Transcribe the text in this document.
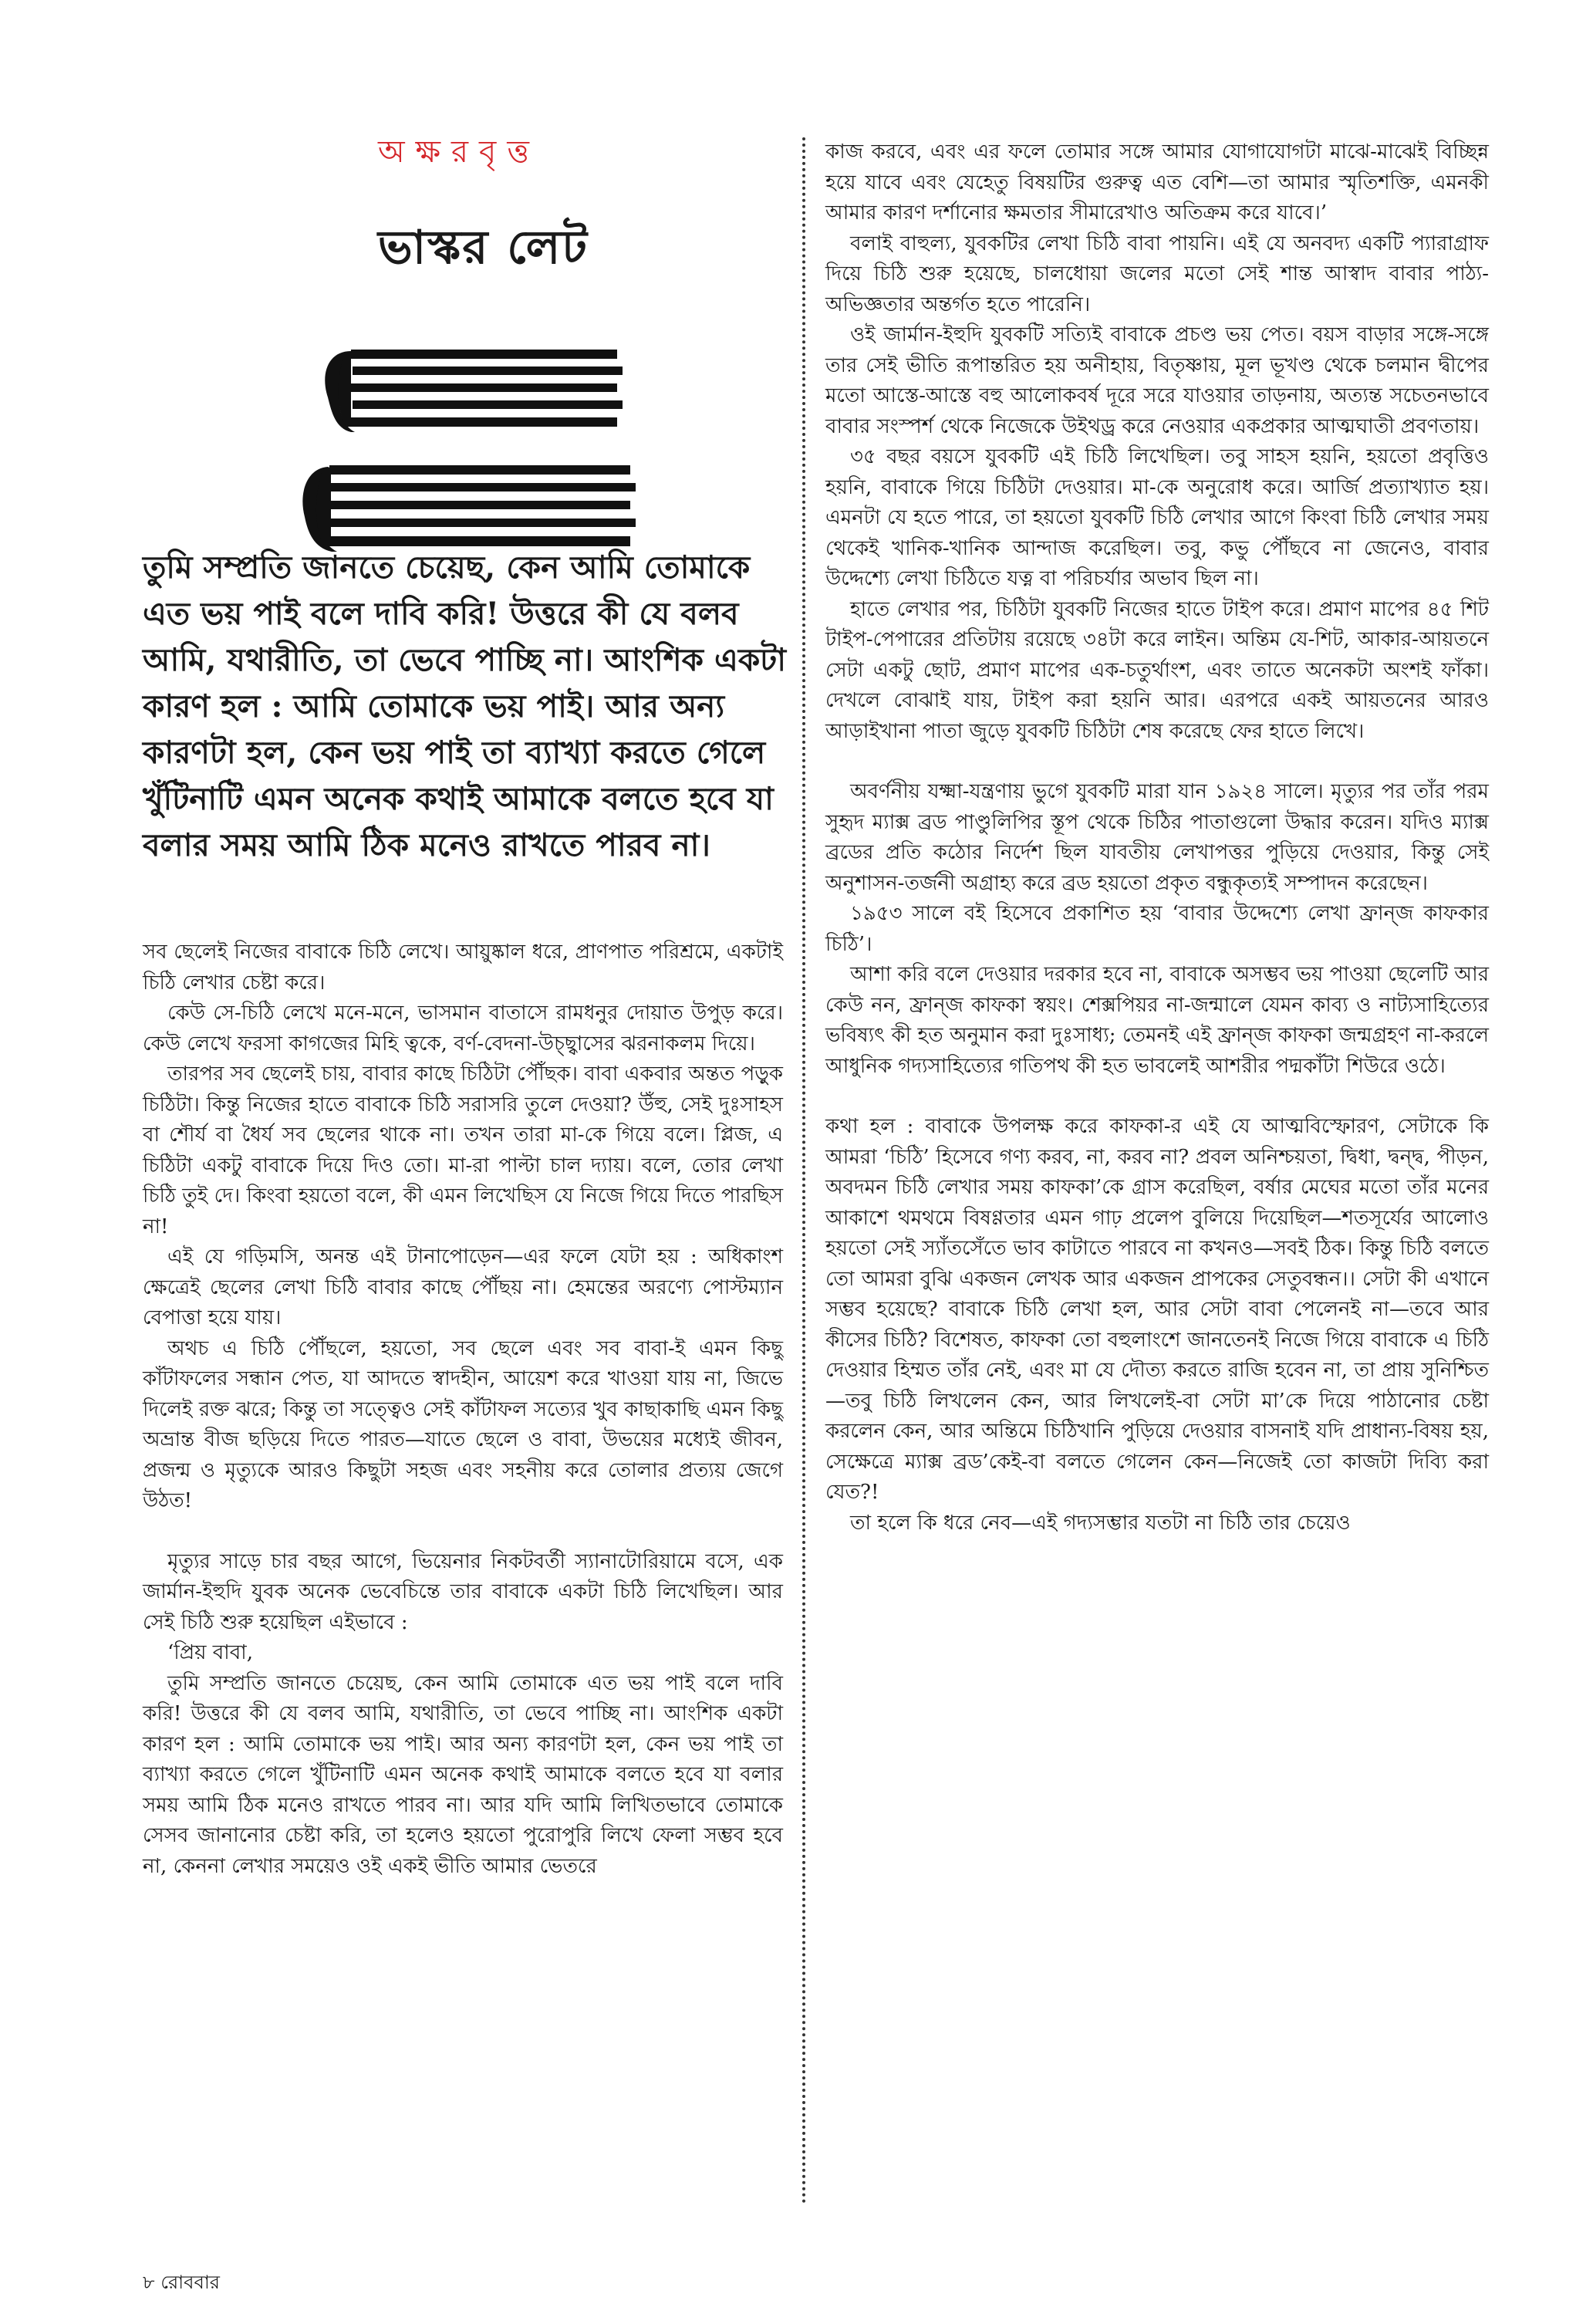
অক্ষরবৃত্ত
ভাস্কর লেট

তুমি সম্প্রতি জানতে চেয়েছ, কেন আমি তোমাকে এত ভয় পাই বলে দাবি করি! উত্তরে কী যে বলব আমি, যথারীতি, তা ভেবে পাচ্ছি না। আংশিক একটা কারণ হল : আমি তোমাকে ভয় পাই। আর অন্য কারণটা হল, কেন ভয় পাই তা ব্যাখ্যা করতে গেলে খুঁটিনাটি এমন অনেক কথাই আমাকে বলতে হবে যা বলার সময় আমি ঠিক মনেও রাখতে পারব না।

সব ছেলেই নিজের বাবাকে চিঠি লেখে। আয়ুষ্কাল ধরে, প্রাণপাত পরিশ্রমে, একটাই চিঠি লেখার চেষ্টা করে।

কেউ সে-চিঠি লেখে মনে-মনে, ভাসমান বাতাসে রামধনুর দোয়াত উপুড় করে। কেউ লেখে ফরসা কাগজের মিহি ত্বকে, বর্ণ-বেদনা-উচ্ছ্বাসের ঝরনাকলম দিয়ে।

তারপর সব ছেলেই চায়, বাবার কাছে চিঠিটা পৌঁছক। বাবা একবার অন্তত পড়ুক চিঠিটা। কিন্তু নিজের হাতে বাবাকে চিঠি সরাসরি তুলে দেওয়া? উঁহু, সেই দুঃসাহস বা শৌর্য বা ধৈর্য সব ছেলের থাকে না। তখন তারা মা-কে গিয়ে বলে। প্লিজ, এ চিঠিটা একটু বাবাকে দিয়ে দিও তো। মা-রা পাল্টা চাল দ্যায়। বলে, তোর লেখা চিঠি তুই দে। কিংবা হয়তো বলে, কী এমন লিখেছিস যে নিজে গিয়ে দিতে পারছিস না!

এই যে গড়িমসি, অনন্ত এই টানাপোড়েন—এর ফলে যেটা হয় : অধিকাংশ ক্ষেত্রেই ছেলের লেখা চিঠি বাবার কাছে পৌঁছয় না। হেমন্তের অরণ্যে পোস্টম্যান বেপাত্তা হয়ে যায়।

অথচ এ চিঠি পৌঁছলে, হয়তো, সব ছেলে এবং সব বাবা-ই এমন কিছু কাঁটাফলের সন্ধান পেত, যা আদতে স্বাদহীন, আয়েশ করে খাওয়া যায় না, জিভে দিলেই রক্ত ঝরে; কিন্তু তা সত্ত্বেও সেই কাঁটাফল সত্যের খুব কাছাকাছি এমন কিছু অভ্রান্ত বীজ ছড়িয়ে দিতে পারত—যাতে ছেলে ও বাবা, উভয়ের মধ্যেই জীবন, প্রজন্ম ও মৃত্যুকে আরও কিছুটা সহজ এবং সহনীয় করে তোলার প্রত্যয় জেগে উঠত!

মৃত্যুর সাড়ে চার বছর আগে, ভিয়েনার নিকটবর্তী স্যানাটোরিয়ামে বসে, এক জার্মান-ইহুদি যুবক অনেক ভেবেচিন্তে তার বাবাকে একটা চিঠি লিখেছিল। আর সেই চিঠি শুরু হয়েছিল এইভাবে :

‘প্রিয় বাবা,

তুমি সম্প্রতি জানতে চেয়েছ, কেন আমি তোমাকে এত ভয় পাই বলে দাবি করি! উত্তরে কী যে বলব আমি, যথারীতি, তা ভেবে পাচ্ছি না। আংশিক একটা কারণ হল : আমি তোমাকে ভয় পাই। আর অন্য কারণটা হল, কেন ভয় পাই তা ব্যাখ্যা করতে গেলে খুঁটিনাটি এমন অনেক কথাই আমাকে বলতে হবে যা বলার সময় আমি ঠিক মনেও রাখতে পারব না। আর যদি আমি লিখিতভাবে তোমাকে সেসব জানানোর চেষ্টা করি, তা হলেও হয়তো পুরোপুরি লিখে ফেলা সম্ভব হবে না, কেননা লেখার সময়েও ওই একই ভীতি আমার ভেতরে

কাজ করবে, এবং এর ফলে তোমার সঙ্গে আমার যোগাযোগটা মাঝে-মাঝেই বিচ্ছিন্ন হয়ে যাবে এবং যেহেতু বিষয়টির গুরুত্ব এত বেশি—তা আমার স্মৃতিশক্তি, এমনকী আমার কারণ দর্শানোর ক্ষমতার সীমারেখাও অতিক্রম করে যাবে।’

বলাই বাহুল্য, যুবকটির লেখা চিঠি বাবা পায়নি। এই যে অনবদ্য একটি প্যারাগ্রাফ দিয়ে চিঠি শুরু হয়েছে, চালধোয়া জলের মতো সেই শান্ত আস্বাদ বাবার পাঠ্য-অভিজ্ঞতার অন্তর্গত হতে পারেনি।

ওই জার্মান-ইহুদি যুবকটি সত্যিই বাবাকে প্রচণ্ড ভয় পেত। বয়স বাড়ার সঙ্গে-সঙ্গে তার সেই ভীতি রূপান্তরিত হয় অনীহায়, বিতৃষ্ণায়, মূল ভূখণ্ড থেকে চলমান দ্বীপের মতো আস্তে-আস্তে বহু আলোকবর্ষ দূরে সরে যাওয়ার তাড়নায়, অত্যন্ত সচেতনভাবে বাবার সংস্পর্শ থেকে নিজেকে উইথড্র করে নেওয়ার একপ্রকার আত্মঘাতী প্রবণতায়।

৩৫ বছর বয়সে যুবকটি এই চিঠি লিখেছিল। তবু সাহস হয়নি, হয়তো প্রবৃত্তিও হয়নি, বাবাকে গিয়ে চিঠিটা দেওয়ার। মা-কে অনুরোধ করে। আর্জি প্রত্যাখ্যাত হয়। এমনটা যে হতে পারে, তা হয়তো যুবকটি চিঠি লেখার আগে কিংবা চিঠি লেখার সময় থেকেই খানিক-খানিক আন্দাজ করেছিল। তবু, কভু পৌঁছবে না জেনেও, বাবার উদ্দেশ্যে লেখা চিঠিতে যত্ন বা পরিচর্যার অভাব ছিল না।

হাতে লেখার পর, চিঠিটা যুবকটি নিজের হাতে টাইপ করে। প্রমাণ মাপের ৪৫ শিট টাইপ-পেপারের প্রতিটায় রয়েছে ৩৪টা করে লাইন। অন্তিম যে-শিট, আকার-আয়তনে সেটা একটু ছোট, প্রমাণ মাপের এক-চতুর্থাংশ, এবং তাতে অনেকটা অংশই ফাঁকা। দেখলে বোঝাই যায়, টাইপ করা হয়নি আর। এরপরে একই আয়তনের আরও আড়াইখানা পাতা জুড়ে যুবকটি চিঠিটা শেষ করেছে ফের হাতে লিখে।

অবর্ণনীয় যক্ষ্মা-যন্ত্রণায় ভুগে যুবকটি মারা যান ১৯২৪ সালে। মৃত্যুর পর তাঁর পরম সুহৃদ ম্যাক্স ব্রড পাণ্ডুলিপির স্তূপ থেকে চিঠির পাতাগুলো উদ্ধার করেন। যদিও ম্যাক্স ব্রডের প্রতি কঠোর নির্দেশ ছিল যাবতীয় লেখাপত্তর পুড়িয়ে দেওয়ার, কিন্তু সেই অনুশাসন-তর্জনী অগ্রাহ্য করে ব্রড হয়তো প্রকৃত বন্ধুকৃত্যই সম্পাদন করেছেন।

১৯৫৩ সালে বই হিসেবে প্রকাশিত হয় ‘বাবার উদ্দেশ্যে লেখা ফ্রান্‌জ কাফকার চিঠি’।

আশা করি বলে দেওয়ার দরকার হবে না, বাবাকে অসম্ভব ভয় পাওয়া ছেলেটি আর কেউ নন, ফ্রান্‌জ কাফকা স্বয়ং। শেক্সপিয়র না-জন্মালে যেমন কাব্য ও নাট্যসাহিত্যের ভবিষ্যৎ কী হত অনুমান করা দুঃসাধ্য; তেমনই এই ফ্রান্‌জ কাফকা জন্মগ্রহণ না-করলে আধুনিক গদ্যসাহিত্যের গতিপথ কী হত ভাবলেই আশরীর পদ্মকাঁটা শিউরে ওঠে।

কথা হল : বাবাকে উপলক্ষ করে কাফকা-র এই যে আত্মবিস্ফোরণ, সেটাকে কি আমরা ‘চিঠি’ হিসেবে গণ্য করব, না, করব না? প্রবল অনিশ্চয়তা, দ্বিধা, দ্বন্দ্ব, পীড়ন, অবদমন চিঠি লেখার সময় কাফকা’কে গ্রাস করেছিল, বর্ষার মেঘের মতো তাঁর মনের আকাশে থমথমে বিষণ্ণতার এমন গাঢ় প্রলেপ বুলিয়ে দিয়েছিল—শতসূর্যের আলোও হয়তো সেই স্যাঁতসেঁতে ভাব কাটাতে পারবে না কখনও—সবই ঠিক। কিন্তু চিঠি বলতে তো আমরা বুঝি একজন লেখক আর একজন প্রাপকের সেতুবন্ধন।। সেটা কী এখানে সম্ভব হয়েছে? বাবাকে চিঠি লেখা হল, আর সেটা বাবা পেলেনই না—তবে আর কীসের চিঠি? বিশেষত, কাফকা তো বহুলাংশে জানতেনই নিজে গিয়ে বাবাকে এ চিঠি দেওয়ার হিম্মত তাঁর নেই, এবং মা যে দৌত্য করতে রাজি হবেন না, তা প্রায় সুনিশ্চিত—তবু চিঠি লিখলেন কেন, আর লিখলেই-বা সেটা মা’কে দিয়ে পাঠানোর চেষ্টা করলেন কেন, আর অন্তিমে চিঠিখানি পুড়িয়ে দেওয়ার বাসনাই যদি প্রাধান্য-বিষয় হয়, সেক্ষেত্রে ম্যাক্স ব্রড’কেই-বা বলতে গেলেন কেন—নিজেই তো কাজটা দিব্যি করা যেত?!

তা হলে কি ধরে নেব—এই গদ্যসম্ভার যতটা না চিঠি তার চেয়েও

৮ রোববার
